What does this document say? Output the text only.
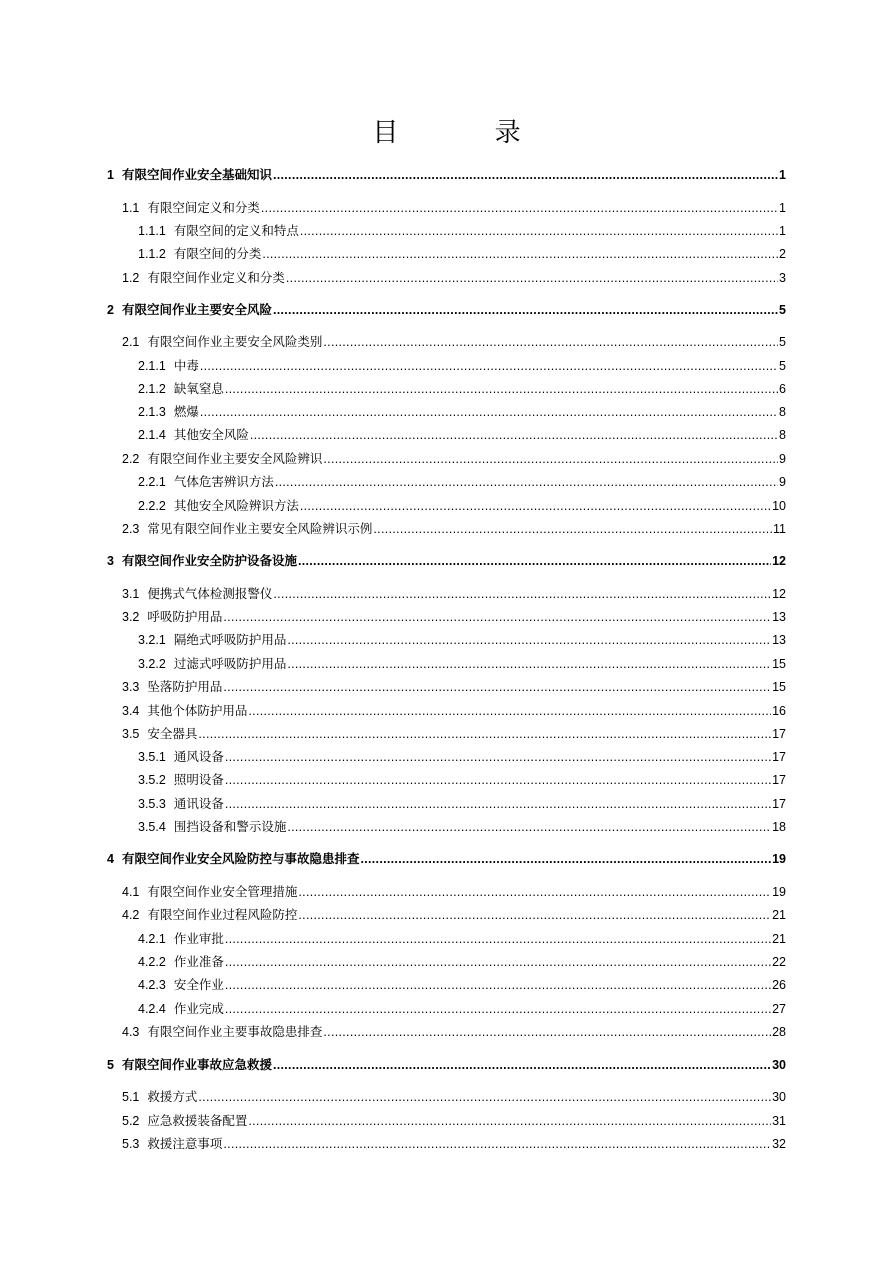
目 录
1 有限空间作业安全基础知识 .....	1
1.1 有限空间定义和分类 .....	1
1.1.1 有限空间的定义和特点 .....	1
1.1.2 有限空间的分类 .....	2
1.2 有限空间作业定义和分类 .....	3
2 有限空间作业主要安全风险 .....	5
2.1 有限空间作业主要安全风险类别 .....	5
2.1.1 中毒 .....	5
2.1.2 缺氧窒息 .....	6
2.1.3 燃爆 .....	8
2.1.4 其他安全风险 .....	8
2.2 有限空间作业主要安全风险辨识 .....	9
2.2.1 气体危害辨识方法 .....	9
2.2.2 其他安全风险辨识方法 .....	10
2.3 常见有限空间作业主要安全风险辨识示例 .....	11
3 有限空间作业安全防护设备设施 .....	12
3.1 便携式气体检测报警仪 .....	12
3.2 呼吸防护用品 .....	13
3.2.1 隔绝式呼吸防护用品 .....	13
3.2.2 过滤式呼吸防护用品 .....	15
3.3 坠落防护用品 .....	15
3.4 其他个体防护用品 .....	16
3.5 安全器具 .....	17
3.5.1 通风设备 .....	17
3.5.2 照明设备 .....	17
3.5.3 通讯设备 .....	17
3.5.4 围挡设备和警示设施 .....	18
4 有限空间作业安全风险防控与事故隐患排查 .....	19
4.1 有限空间作业安全管理措施 .....	19
4.2 有限空间作业过程风险防控 .....	21
4.2.1 作业审批 .....	21
4.2.2 作业准备 .....	22
4.2.3 安全作业 .....	26
4.2.4 作业完成 .....	27
4.3 有限空间作业主要事故隐患排查 .....	28
5 有限空间作业事故应急救援 .....	30
5.1 救援方式 .....	30
5.2 应急救援装备配置 .....	31
5.3 救援注意事项 .....	32
